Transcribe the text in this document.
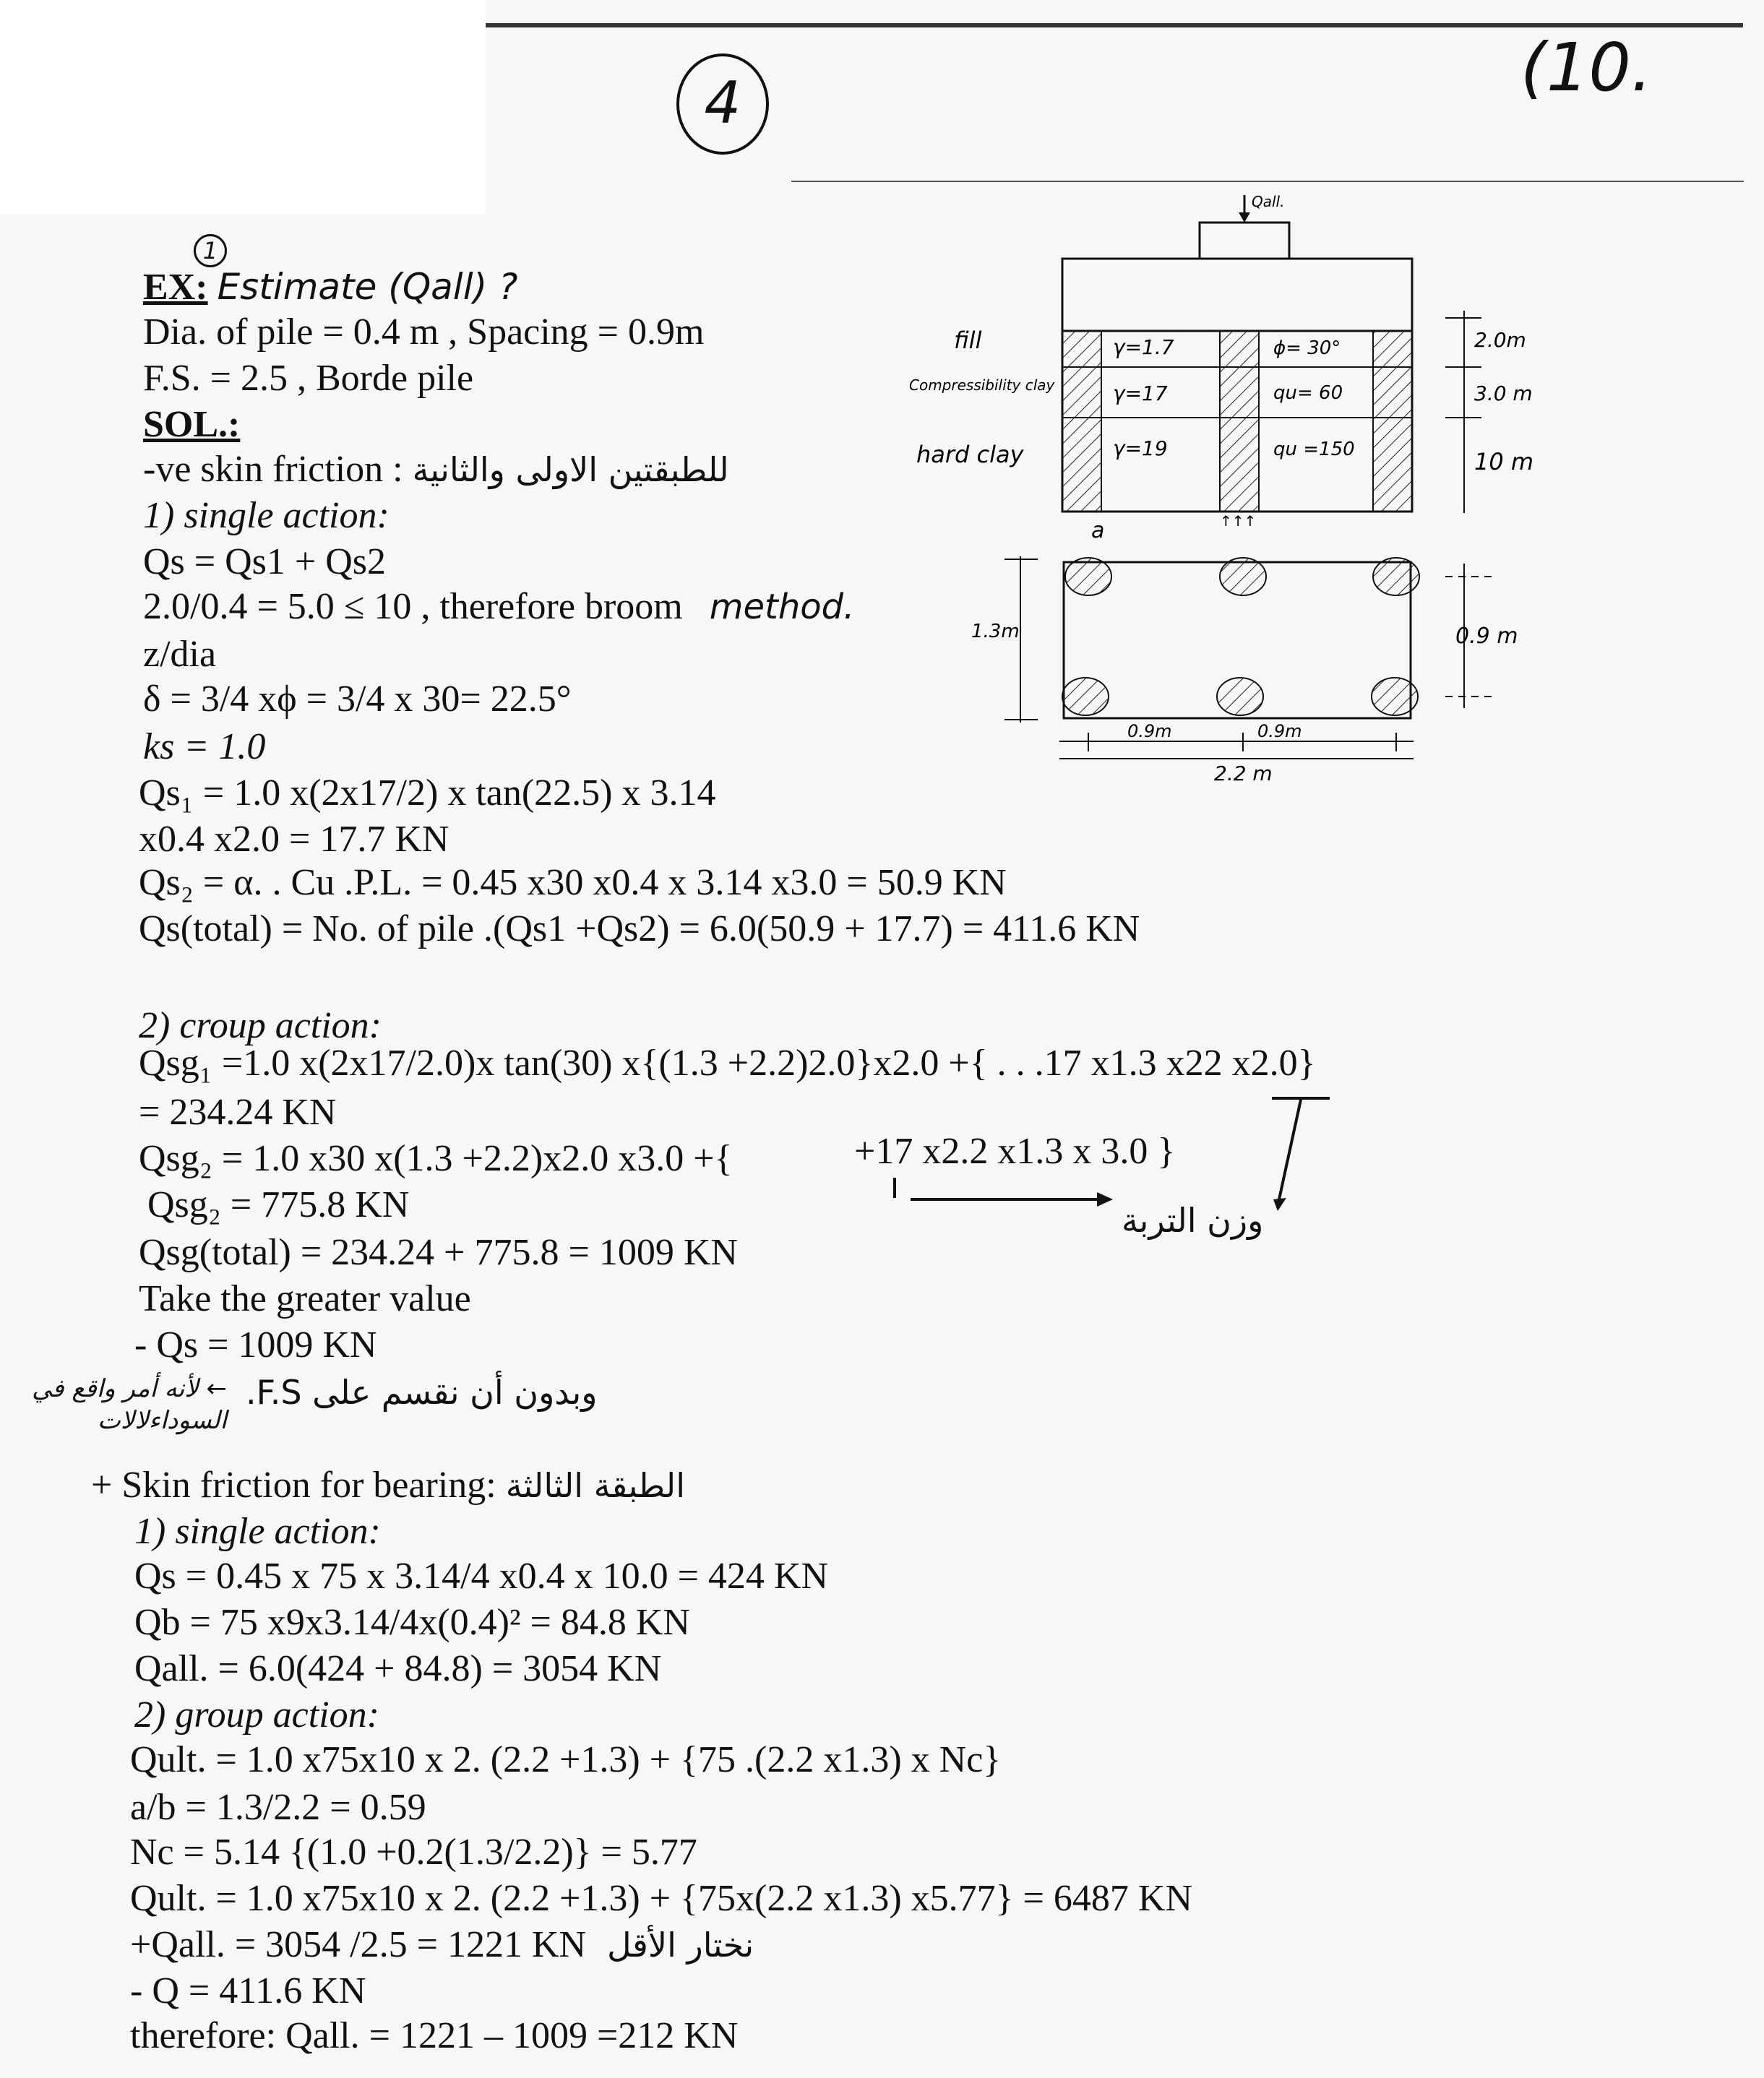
4	(10.
1
EX: Estimate (Qall) ?
Dia. of pile = 0.4 m , Spacing = 0.9m
F.S. = 2.5 , Borde pile
SOL.:
-ve skin friction : للطبقتين الاولى والثانية
1) single action:
Qs = Qs1 + Qs2
2.0/0.4 = 5.0 ≤ 10 , therefore broom method.
z/dia
δ = 3/4 xϕ = 3/4 x 30= 22.5°
ks = 1.0
Qs₁ = 1.0 x(2x17/2) x tan(22.5) x 3.14
x0.4 x2.0 = 17.7 KN
Qs₂ = α. . Cu .P.L. = 0.45 x30 x0.4 x 3.14 x3.0 = 50.9 KN
Qs(total) = No. of pile .(Qs1 +Qs2) = 6.0(50.9 + 17.7) = 411.6 KN
2) croup action:
Qsg₁ =1.0 x(2x17/2.0)x tan(30) x{(1.3 +2.2)2.0}x2.0 +{ . . .17 x1.3 x22 x2.0}
= 234.24 KN
Qsg₂ = 1.0 x30 x(1.3 +2.2)x2.0 x3.0 +{	+17 x2.2 x1.3 x 3.0 }
Qsg₂ = 775.8 KN
Qsg(total) = 234.24 + 775.8 = 1009 KN
Take the greater value
- Qs = 1009 KN
وزن التربة
وبدون أن نقسم على F.S.
← لأنه أمر واقع في السوداءلالات
+ Skin friction for bearing: الطبقة الثالثة
1) single action:
Qs = 0.45 x 75 x 3.14/4 x0.4 x 10.0 = 424 KN
Qb = 75 x9x3.14/4x(0.4)² = 84.8 KN
Qall. = 6.0(424 + 84.8) = 3054 KN
2) group action:
Qult. = 1.0 x75x10 x 2. (2.2 +1.3) + {75 .(2.2 x1.3) x Nc}
a/b = 1.3/2.2 = 0.59
Nc = 5.14 {(1.0 +0.2(1.3/2.2)} = 5.77
Qult. = 1.0 x75x10 x 2. (2.2 +1.3) + {75x(2.2 x1.3) x5.77} = 6487 KN
+Qall. = 3054 /2.5 = 1221 KN نختار الأقل
- Q = 411.6 KN
therefore: Qall. = 1221 – 1009 =212 KN
Qall.
fill
Compressibility clay
hard clay
γ=1.7
γ=17
γ=19
ϕ= 30°
qu= 60
qu =150
2.0m
3.0 m
10 m
↑↑↑
a
1.3m	0.9 m
0.9m	0.9m
2.2 m
